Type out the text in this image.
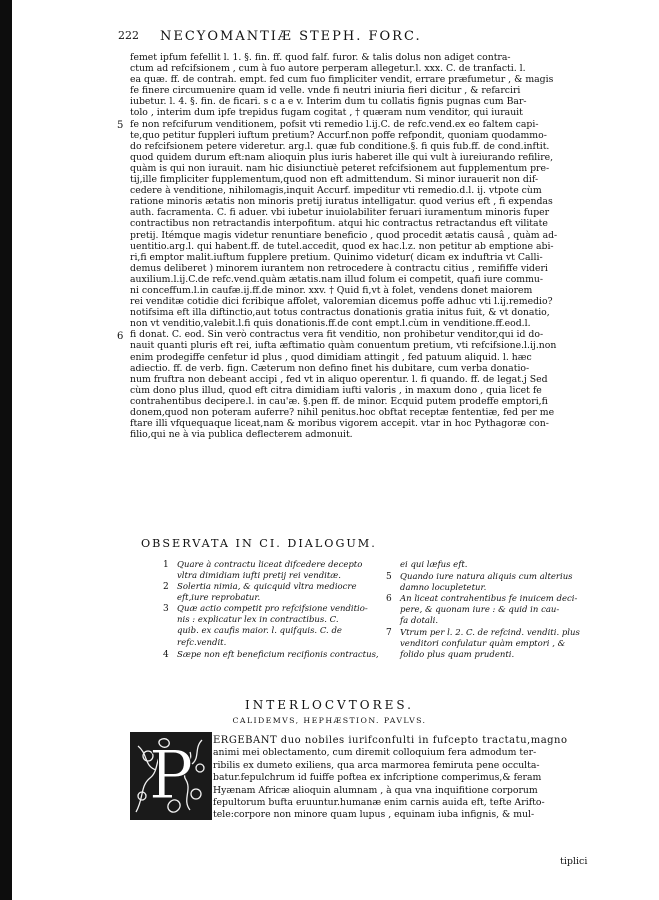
222 NECYOMANTIÆ STEPH. FORC.
femet ipfum fefellit l. 1. §. fin. ff. quod falf. furor. & talis dolus non adiget contra-
ctum ad refcifsionem , cum à fuo autore perperam allegetur.l. xxx. C. de tranfacti. l.
ea quæ. ff. de contrah. empt. fed cum fuo fimpliciter vendit, errare præfumetur , & magis
fe finere circumuenire quam id velle. vnde fi neutri iniuria fieri dicitur , & refarciri
iubetur. l. 4. §. fin. de ficari. s c a e v. Interim dum tu collatis fignis pugnas cum Bar-
tolo , interim dum ipfe trepidus fugam cogitat , † quæram num venditor, qui iurauit
fe non refcifurum venditionem, pofsit vti remedio l.ij.C. de refc.vend.ex eo faltem capi-
te,quo petitur fuppleri iuftum pretium? Accurf.non poffe refpondit, quoniam quodammo-
do refcifsionem petere videretur. arg.l. quæ fub conditione.§. fi quis fub.ff. de cond.inftit.
quod quidem durum eft:nam alioquin plus iuris haberet ille qui vult à iureiurando refilire,
quàm is qui non iurauit. nam hic disiunctiuè peteret refcifsionem aut fupplementum pre-
tij,ille fimpliciter fupplementum,quod non eft admittendum. Si minor iurauerit non dif-
cedere à venditione, nihilomagis,inquit Accurf. impeditur vti remedio.d.l. ij. vtpote cùm
ratione minoris ætatis non minoris pretij iuratus intelligatur. quod verius eft , fi expendas
auth. facramenta. C. fi aduer. vbi iubetur inuiolabiliter feruari iuramentum minoris fuper
contractibus non retractandis interpofitum. atqui hic contractus retractandus eft vilitate
pretij. Itémque magis videtur renuntiare beneficio , quod procedit ætatis causâ , quàm ad-
uentitio.arg.l. qui habent.ff. de tutel.accedit, quod ex hac.l.z. non petitur ab emptione abi-
ri,fi emptor malit.iuftum fupplere pretium. Quinimo videtur( dicam ex induftria vt Calli-
demus deliberet ) minorem iurantem non retrocedere à contractu citius , remififfe videri
auxilium.l.ij.C.de refc.vend.quàm ætatis.nam illud folum ei competit, quafi iure commu-
ni conceffum.l.in caufæ.ij.ff.de minor. xxv. † Quid fi,vt à folet, vendens donet maiorem
rei venditæ cotidie dici fcribique affolet, valoremian dicemus poffe adhuc vti l.ij.remedio?
notifsima eft illa diftinctio,aut totus contractus donationis gratia initus fuit, & vt donatio,
non vt venditio,valebit.l.fi quis donationis.ff.de cont empt.l.cùm in venditione.ff.eod.l.
fi donat. C. eod. Sin verò contractus vera fit venditio, non prohibetur venditor,qui id do-
nauit quanti pluris eft rei, iufta æftimatio quàm conuentum pretium, vti refcifsione.l.ij.non
enim prodegiffe cenfetur id plus , quod dimidiam attingit , fed patuum aliquid. l. hæc
adiectio. ff. de verb. fign. Cæterum non defino finet his dubitare, cum verba donatio-
num fruftra non debeant accipi , fed vt in aliquo operentur. l. fi quando. ff. de legat.j Sed
cùm dono plus illud, quod eft citra dimidiam iufti valoris , in maxum dono , quia licet fe
contrahentibus decipere.l. in cau'æ. §.pen ff. de minor. Ecquid putem prodeffe emptori,fi
donem,quod non poteram auferre? nihil penitus.hoc obftat receptæ fententiæ, fed per me
ftare illi vfquequaque liceat,nam & moribus vigorem accepit. vtar in hoc Pythagoræ con-
filio,qui ne à via publica deflecterem admonuit.
5
6
OBSERVATA IN CI. DIALOGUM.
1 Quare à contractu liceat difcedere decepto
vltra dimidiam iufti pretij rei venditæ.
2 Solertia nimia, & quicquid vltra mediocre
eft,iure reprobatur.
3 Quæ actio competit pro refcifsione venditio-
nis : explicatur lex in contractibus. C.
quib. ex caufis maior. l. quifquis. C. de
refc.vendit.
4 Sæpe non eft beneficium recifionis contractus,
ei qui læfus eft.
5 Quando iure natura aliquis cum alterius
damno locupletetur.
6 An liceat contrahentibus fe inuicem deci-
pere, & quonam iure : & quid in cau-
fa dotali.
7 Vtrum per l. 2. C. de refcind. venditi. plus
venditori confulatur quàm emptori , &
folido plus quam prudenti.
INTERLOCVTORES.
CALIDEMVS, HEPHÆSTION. PAVLVS.
P ERGEBANT duo nobiles iurifconfulti in fufcepto tractatu,magno
animi mei oblectamento, cum diremit colloquium fera admodum ter-
ribilis ex dumeto exiliens, qua arca marmorea femiruta pene occulta-
batur.fepulchrum id fuiffe poftea ex infcriptione comperimus,& feram
Hyænam Africæ alioquin alumnam , à qua vna inquifitione corporum
fepultorum bufta eruuntur.humanæ enim carnis auida eft, tefte Arifto-
tele:corpore non minore quam lupus , equinam iuba infignis, & mul-
tiplici
